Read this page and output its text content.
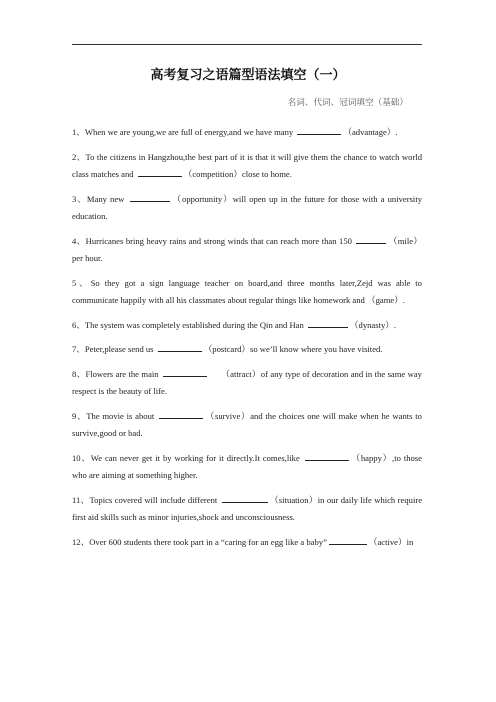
高考复习之语篇型语法填空（一）
名词、代词、冠词填空（基础）

1、When we are young,we are full of energy,and we have many	（advantage）.

2、To the citizens in Hangzhou,the best part of it is that it will give them the chance to watch world class matches and	（competition）close to home.

3、Many new	（opportunity）will open up in the future for those with a university education.

4、Hurricanes bring heavy rains and strong winds that can reach more than 150	（mile）per hour.

5、So they got a sign language teacher on board,and three months later,Zejd was able to communicate happily with all his classmates about regular things like homework and （game）.

6、The system was completely established during the Qin and Han	（dynasty）.

7、Peter,please send us	（postcard）so we’ll know where you have visited.

8、Flowers are the main	（attract）of any type of decoration and in the same way respect is the beauty of life.

9、The movie is about	（survive）and the choices one will make when he wants to survive,good or bad.

10、We can never get it by working for it directly.It comes,like	（happy）,to those who are aiming at something higher.

11、Topics covered will include different	（situation）in our daily life which require first aid skills such as minor injuries,shock and unconsciousness.

12、Over 600 students there took part in a “caring for an egg like a baby”	（active）in
